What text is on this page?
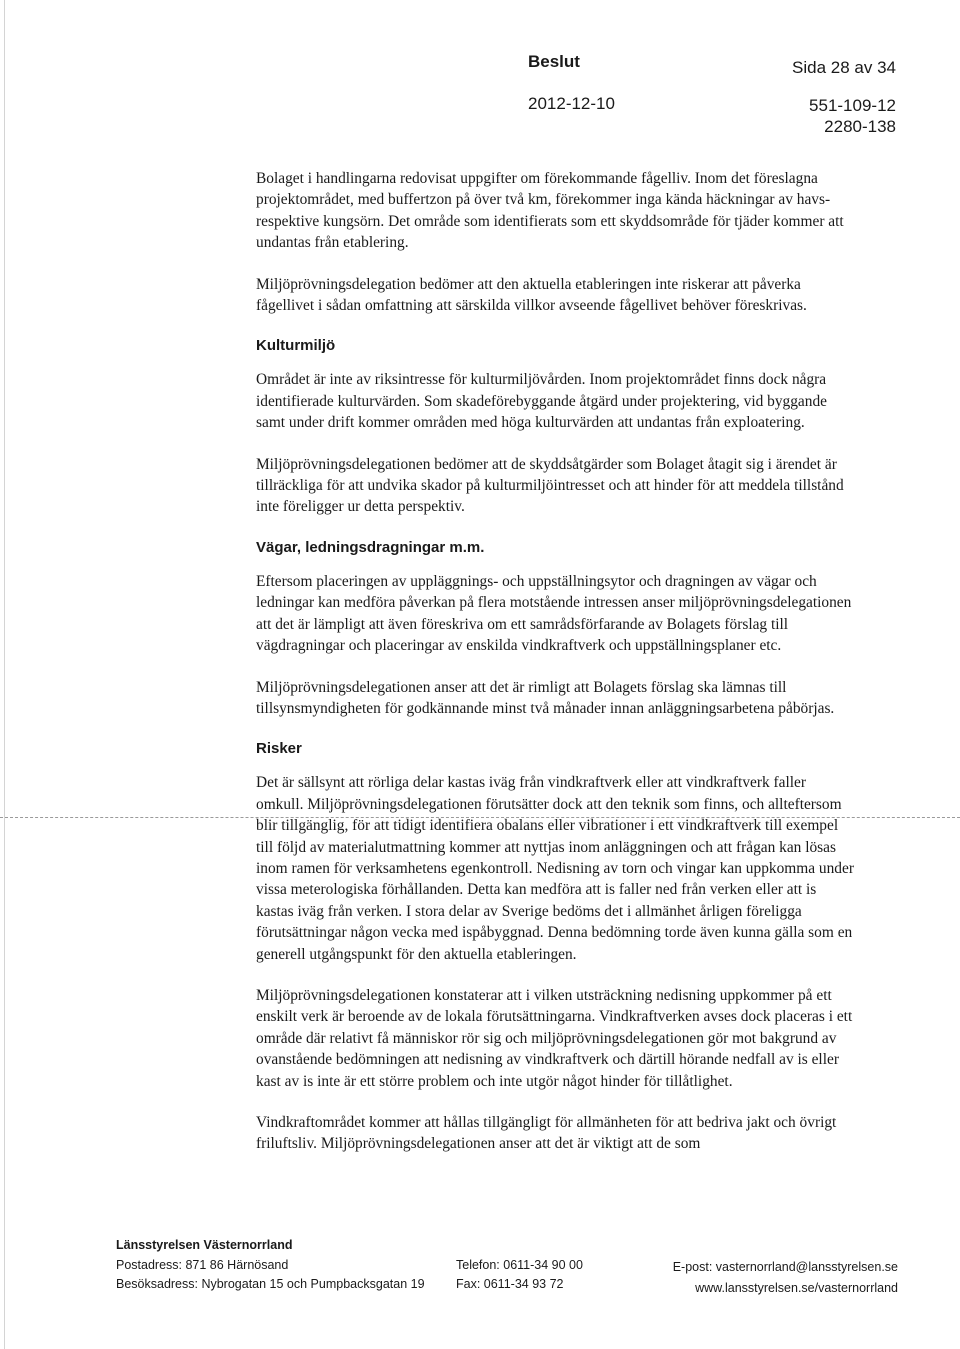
Beslut	Sida 28 av 34
2012-12-10	551-109-12
2280-138

Bolaget i handlingarna redovisat uppgifter om förekommande fågelliv. Inom det föreslagna projektområdet, med buffertzon på över två km, förekommer inga kända häckningar av havs- respektive kungsörn. Det område som identifierats som ett skyddsområde för tjäder kommer att undantas från etablering.

Miljöprövningsdelegation bedömer att den aktuella etableringen inte riskerar att påverka fågellivet i sådan omfattning att särskilda villkor avseende fågellivet behöver föreskrivas.

Kulturmiljö

Området är inte av riksintresse för kulturmiljövården. Inom projektområdet finns dock några identifierade kulturvärden. Som skadeförebyggande åtgärd under projektering, vid byggande samt under drift kommer områden med höga kulturvärden att undantas från exploatering.

Miljöprövningsdelegationen bedömer att de skyddsåtgärder som Bolaget åtagit sig i ärendet är tillräckliga för att undvika skador på kulturmiljöintresset och att hinder för att meddela tillstånd inte föreligger ur detta perspektiv.

Vägar, ledningsdragningar m.m.

Eftersom placeringen av uppläggnings- och uppställningsytor och dragningen av vägar och ledningar kan medföra påverkan på flera motstående intressen anser miljöprövningsdelegationen att det är lämpligt att även föreskriva om ett samrådsförfarande av Bolagets förslag till vägdragningar och placeringar av enskilda vindkraftverk och uppställningsplaner etc.

Miljöprövningsdelegationen anser att det är rimligt att Bolagets förslag ska lämnas till tillsynsmyndigheten för godkännande minst två månader innan anläggningsarbetena påbörjas.

Risker

Det är sällsynt att rörliga delar kastas iväg från vindkraftverk eller att vindkraftverk faller omkull. Miljöprövningsdelegationen förutsätter dock att den teknik som finns, och allteftersom blir tillgänglig, för att tidigt identifiera obalans eller vibrationer i ett vindkraftverk till exempel till följd av materialutmattning kommer att nyttjas inom anläggningen och att frågan kan lösas inom ramen för verksamhetens egenkontroll. Nedisning av torn och vingar kan uppkomma under vissa meterologiska förhållanden. Detta kan medföra att is faller ned från verken eller att is kastas iväg från verken. I stora delar av Sverige bedöms det i allmänhet årligen föreligga förutsättningar någon vecka med ispåbyggnad. Denna bedömning torde även kunna gälla som en generell utgångspunkt för den aktuella etableringen.

Miljöprövningsdelegationen konstaterar att i vilken utsträckning nedisning uppkommer på ett enskilt verk är beroende av de lokala förutsättningarna. Vindkraftverken avses dock placeras i ett område där relativt få människor rör sig och miljöprövningsdelegationen gör mot bakgrund av ovanstående bedömningen att nedisning av vindkraftverk och därtill hörande nedfall av is eller kast av is inte är ett större problem och inte utgör något hinder för tillåtlighet.

Vindkraftområdet kommer att hållas tillgängligt för allmänheten för att bedriva jakt och övrigt friluftsliv. Miljöprövningsdelegationen anser att det är viktigt att de som

Länsstyrelsen Västernorrland
Postadress: 871 86 Härnösand
Besöksadress: Nybrogatan 15 och Pumpbacksgatan 19
Telefon: 0611-34 90 00
Fax: 0611-34 93 72
E-post: vasternorrland@lansstyrelsen.se
www.lansstyrelsen.se/vasternorrland
